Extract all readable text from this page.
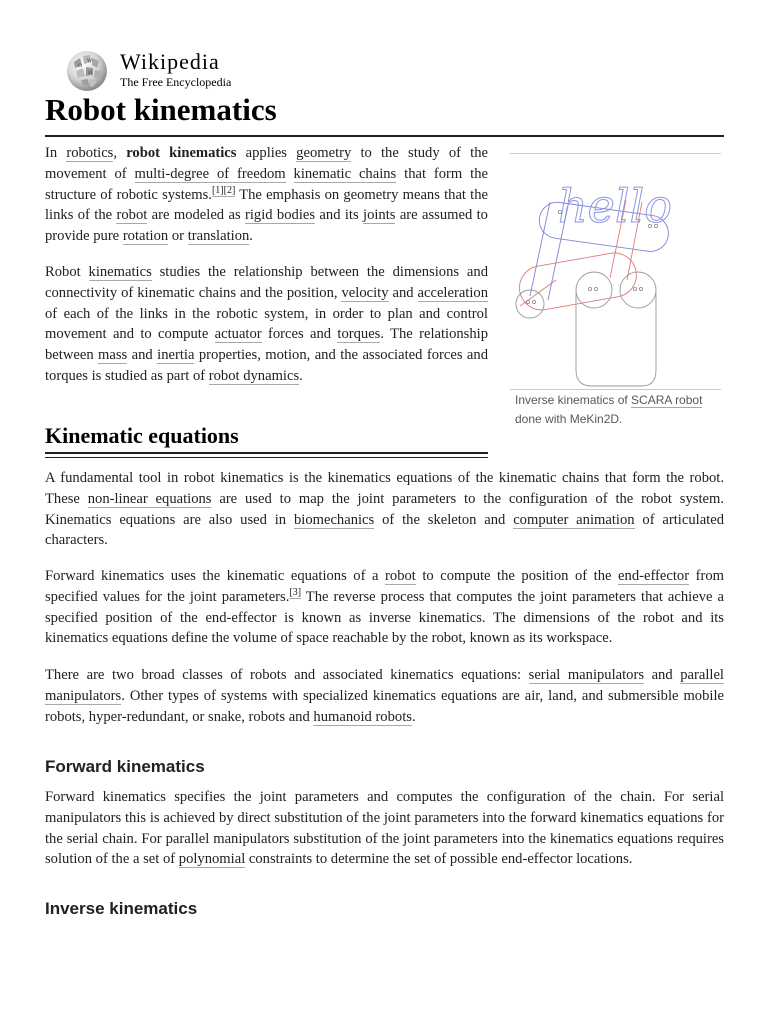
Ω
W
И Wikipedia
The Free Encyclopedia
Robot kinematics

In robotics, robot kinematics applies geometry to the study of the movement of multi-degree of freedom kinematic chains that form the structure of robotic systems.[1][2] The emphasis on geometry means that the links of the robot are modeled as rigid bodies and its joints are assumed to provide pure rotation or translation.

Robot kinematics studies the relationship between the dimensions and connectivity of kinematic chains and the position, velocity and acceleration of each of the links in the robotic system, in order to plan and control movement and to compute actuator forces and torques. The relationship between mass and inertia properties, motion, and the associated forces and torques is studied as part of robot dynamics.

hello

Inverse kinematics of SCARA robot done with MeKin2D.

Kinematic equations

A fundamental tool in robot kinematics is the kinematics equations of the kinematic chains that form the robot. These non-linear equations are used to map the joint parameters to the configuration of the robot system. Kinematics equations are also used in biomechanics of the skeleton and computer animation of articulated characters.

Forward kinematics uses the kinematic equations of a robot to compute the position of the end-effector from specified values for the joint parameters.[3] The reverse process that computes the joint parameters that achieve a specified position of the end-effector is known as inverse kinematics. The dimensions of the robot and its kinematics equations define the volume of space reachable by the robot, known as its workspace.

There are two broad classes of robots and associated kinematics equations: serial manipulators and parallel manipulators. Other types of systems with specialized kinematics equations are air, land, and submersible mobile robots, hyper-redundant, or snake, robots and humanoid robots.

Forward kinematics

Forward kinematics specifies the joint parameters and computes the configuration of the chain. For serial manipulators this is achieved by direct substitution of the joint parameters into the forward kinematics equations for the serial chain. For parallel manipulators substitution of the joint parameters into the kinematics equations requires solution of the a set of polynomial constraints to determine the set of possible end-effector locations.

Inverse kinematics
